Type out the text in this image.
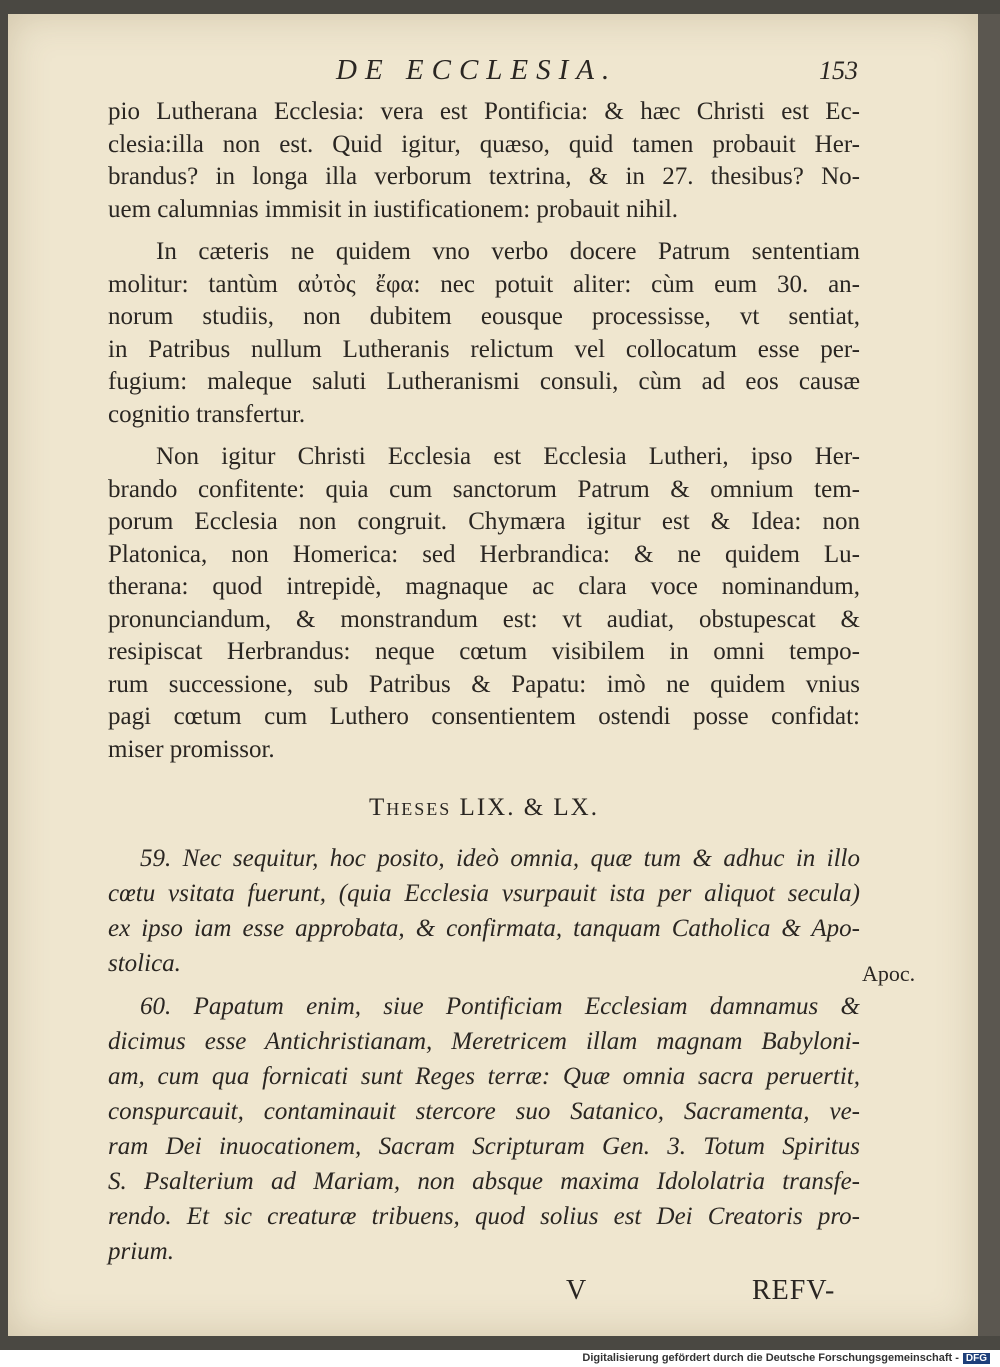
DE ECCLESIA.	153
pio Lutherana Ecclesia: vera est Pontificia: & hæc Christi est Ec-
clesia:illa non est. Quid igitur, quæso, quid tamen probauit Her-
brandus? in longa illa verborum textrina, & in 27. thesibus? No-
uem calumnias immisit in iustificationem: probauit nihil.
In cæteris ne quidem vno verbo docere Patrum sententiam
molitur: tantùm αὐτὸς ἔφα: nec potuit aliter: cùm eum 30. an-
norum studiis, non dubitem eousque processisse, vt sentiat,
in Patribus nullum Lutheranis relictum vel collocatum esse per-
fugium: maleque saluti Lutheranismi consuli, cùm ad eos causæ
cognitio transfertur.
Non igitur Christi Ecclesia est Ecclesia Lutheri, ipso Her-
brando confitente: quia cum sanctorum Patrum & omnium tem-
porum Ecclesia non congruit. Chymæra igitur est & Idea: non
Platonica, non Homerica: sed Herbrandica: & ne quidem Lu-
therana: quod intrepidè, magnaque ac clara voce nominandum,
pronunciandum, & monstrandum est: vt audiat, obstupescat &
resipiscat Herbrandus: neque cœtum visibilem in omni tempo-
rum successione, sub Patribus & Papatu: imò ne quidem vnius
pagi cœtum cum Luthero consentientem ostendi posse confidat:
miser promissor.
Theses LIX. & LX.
59. Nec sequitur, hoc posito, ideò omnia, quæ tum & adhuc in illo
cœtu vsitata fuerunt, (quia Ecclesia vsurpauit ista per aliquot secula)
ex ipso iam esse approbata, & confirmata, tanquam Catholica & Apo-
stolica.
60. Papatum enim, siue Pontificiam Ecclesiam damnamus &
dicimus esse Antichristianam, Meretricem illam magnam Babyloni-
am, cum qua fornicati sunt Reges terræ: Quæ omnia sacra peruertit,
conspurcauit, contaminauit stercore suo Satanico, Sacramenta, ve-
ram Dei inuocationem, Sacram Scripturam Gen. 3. Totum Spiritus
S. Psalterium ad Mariam, non absque maxima Idololatria transfe-
rendo. Et sic creaturæ tribuens, quod solius est Dei Creatoris pro-
prium.
Apoc.
V	REFV-
Digitalisierung gefördert durch die Deutsche Forschungsgemeinschaft - DFG
